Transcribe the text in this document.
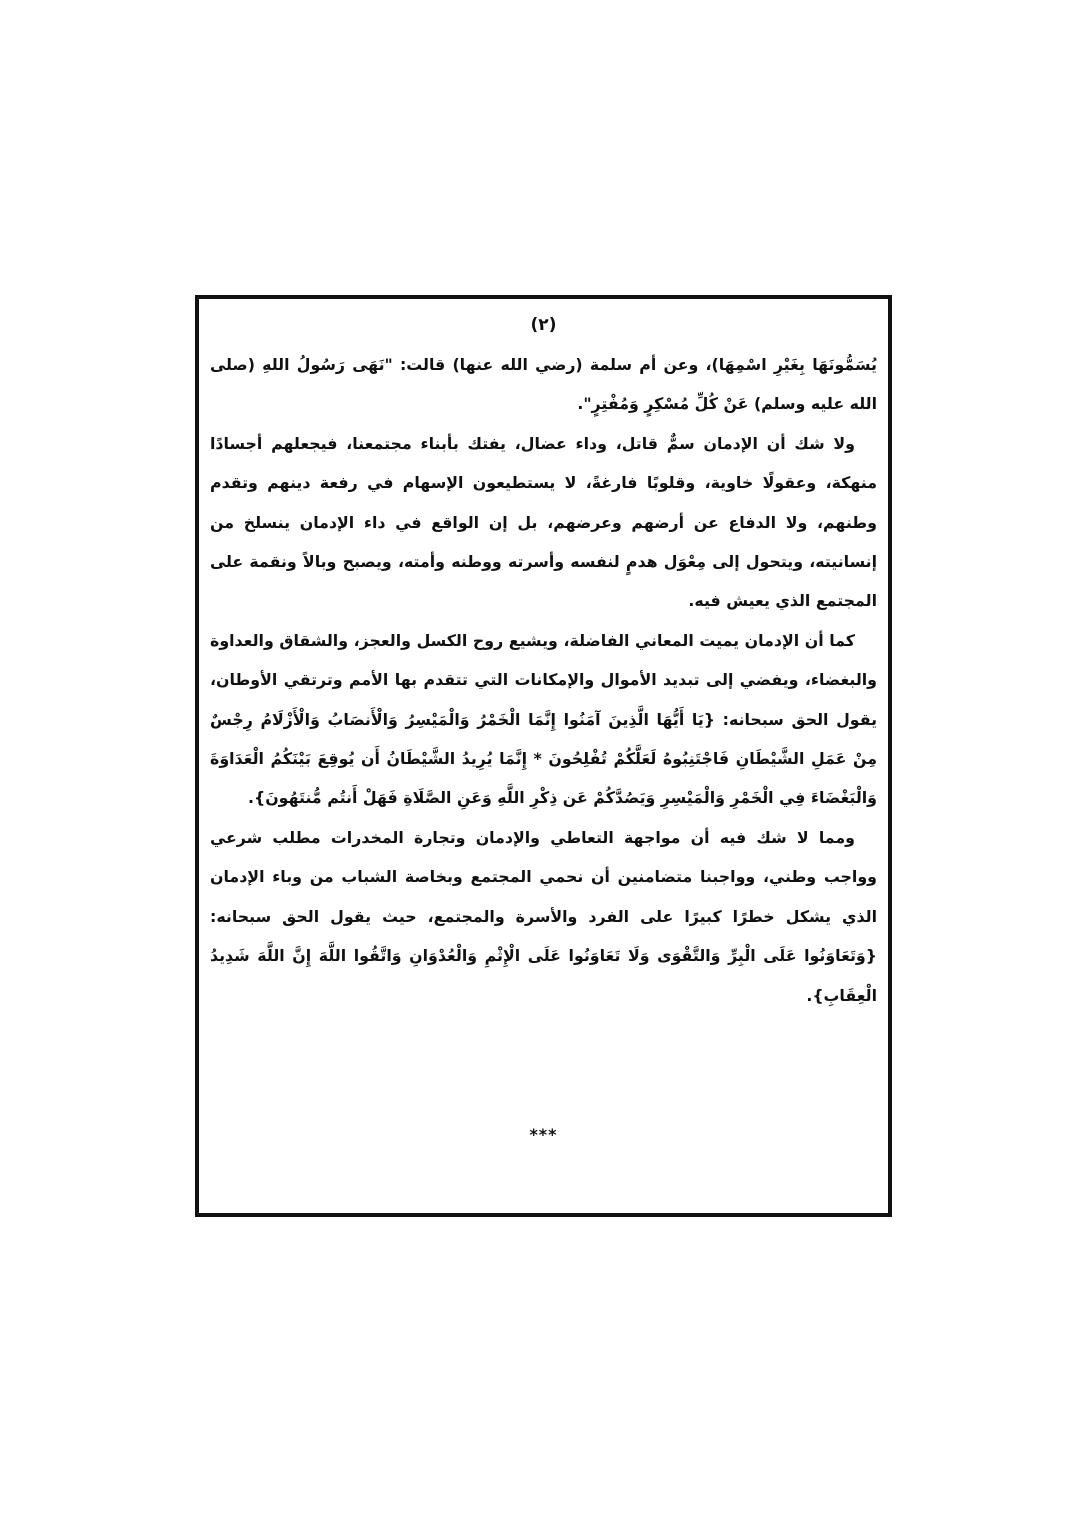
(٢)

يُسَمُّونَهَا بِغَيْرِ اسْمِهَا)، وعن أم سلمة (رضي الله عنها) قالت: "نَهَى رَسُولُ اللهِ (صلى الله عليه وسلم) عَنْ كُلِّ مُسْكِرٍ وَمُفْتِرٍ".

ولا شك أن الإدمان سمٌّ قاتل، وداء عضال، يفتك بأبناء مجتمعنا، فيجعلهم أجسادًا منهكة، وعقولًا خاوية، وقلوبًا فارغةً، لا يستطيعون الإسهام في رفعة دينهم وتقدم وطنهم، ولا الدفاع عن أرضهم وعرضهم، بل إن الواقع في داء الإدمان ينسلخ من إنسانيته، ويتحول إلى مِعْوَل هدمٍ لنفسه وأسرته ووطنه وأمته، ويصبح وبالاً ونقمة على المجتمع الذي يعيش فيه.

كما أن الإدمان يميت المعاني الفاضلة، ويشيع روح الكسل والعجز، والشقاق والعداوة والبغضاء، ويفضي إلى تبديد الأموال والإمكانات التي تتقدم بها الأمم وترتقي الأوطان، يقول الحق سبحانه: {يَا أَيُّهَا الَّذِينَ آمَنُوا إِنَّمَا الْخَمْرُ وَالْمَيْسِرُ وَالْأَنصَابُ وَالْأَزْلَامُ رِجْسٌ مِنْ عَمَلِ الشَّيْطَانِ فَاجْتَنِبُوهُ لَعَلَّكُمْ تُفْلِحُونَ * إِنَّمَا يُرِيدُ الشَّيْطَانُ أَن يُوقِعَ بَيْنَكُمُ الْعَدَاوَةَ وَالْبَغْضَاءَ فِي الْخَمْرِ وَالْمَيْسِرِ وَيَصُدَّكُمْ عَن ذِكْرِ اللَّهِ وَعَنِ الصَّلَاةِ فَهَلْ أَنتُم مُّنتَهُونَ}.

ومما لا شك فيه أن مواجهة التعاطي والإدمان وتجارة المخدرات مطلب شرعي وواجب وطني، وواجبنا متضامنين أن نحمي المجتمع وبخاصة الشباب من وباء الإدمان الذي يشكل خطرًا كبيرًا على الفرد والأسرة والمجتمع، حيث يقول الحق سبحانه: {وَتَعَاوَنُوا عَلَى الْبِرِّ وَالتَّقْوَى وَلَا تَعَاوَنُوا عَلَى الْإِثْمِ وَالْعُدْوَانِ وَاتَّقُوا اللَّهَ إِنَّ اللَّهَ شَدِيدُ الْعِقَابِ}.

***
